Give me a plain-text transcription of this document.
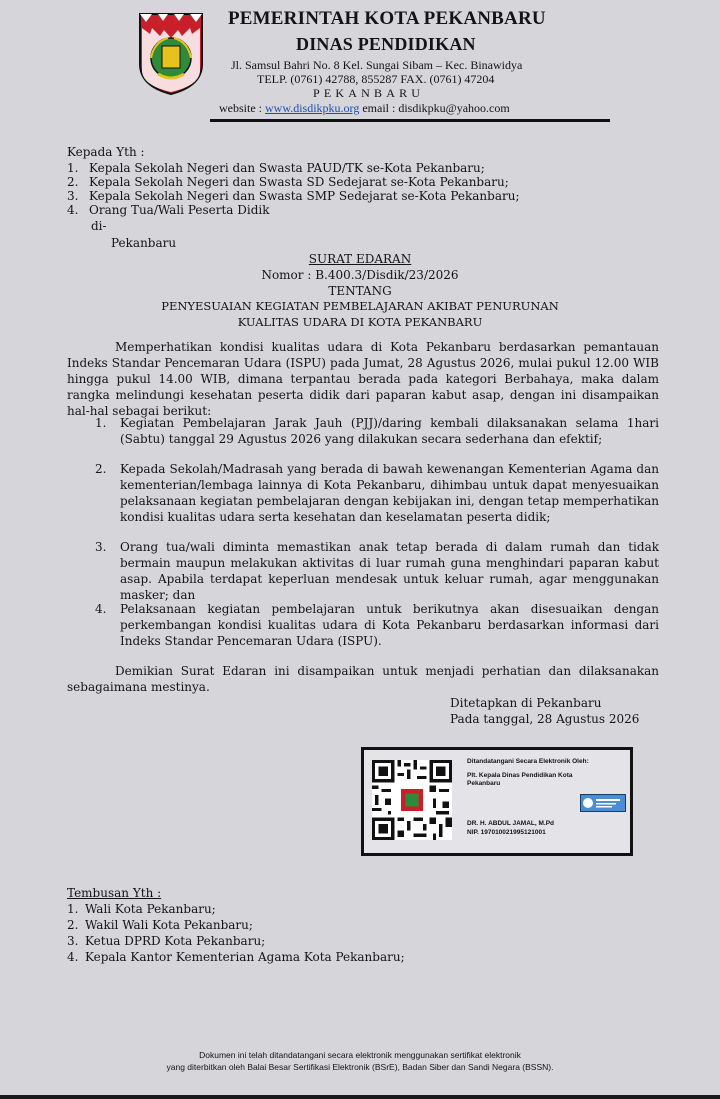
PEMERINTAH KOTA PEKANBARU
DINAS PENDIDIKAN
Jl. Samsul Bahri No. 8 Kel. Sungai Sibam – Kec. Binawidya
TELP. (0761) 42788, 855287 FAX. (0761) 47204
PEKANBARU
website : www.disdikpku.org email : disdikpku@yahoo.com
Kepada Yth :
1. Kepala Sekolah Negeri dan Swasta PAUD/TK se-Kota Pekanbaru;
2. Kepala Sekolah Negeri dan Swasta SD Sedejarat se-Kota Pekanbaru;
3. Kepala Sekolah Negeri dan Swasta SMP Sedejarat se-Kota Pekanbaru;
4. Orang Tua/Wali Peserta Didik
di-
Pekanbaru
SURAT EDARAN
Nomor : B.400.3/Disdik/23/2026
TENTANG
PENYESUAIAN KEGIATAN PEMBELAJARAN AKIBAT PENURUNAN
KUALITAS UDARA DI KOTA PEKANBARU
Memperhatikan kondisi kualitas udara di Kota Pekanbaru berdasarkan pemantauan Indeks Standar Pencemaran Udara (ISPU) pada Jumat, 28 Agustus 2026, mulai pukul 12.00 WIB hingga pukul 14.00 WIB, dimana terpantau berada pada kategori Berbahaya, maka dalam rangka melindungi kesehatan peserta didik dari paparan kabut asap, dengan ini disampaikan hal-hal sebagai berikut:
1. Kegiatan Pembelajaran Jarak Jauh (PJJ)/daring kembali dilaksanakan selama 1hari (Sabtu) tanggal 29 Agustus 2026 yang dilakukan secara sederhana dan efektif;
2. Kepada Sekolah/Madrasah yang berada di bawah kewenangan Kementerian Agama dan kementerian/lembaga lainnya di Kota Pekanbaru, dihimbau untuk dapat menyesuaikan pelaksanaan kegiatan pembelajaran dengan kebijakan ini, dengan tetap memperhatikan kondisi kualitas udara serta kesehatan dan keselamatan peserta didik;
3. Orang tua/wali diminta memastikan anak tetap berada di dalam rumah dan tidak bermain maupun melakukan aktivitas di luar rumah guna menghindari paparan kabut asap. Apabila terdapat keperluan mendesak untuk keluar rumah, agar menggunakan masker; dan
4. Pelaksanaan kegiatan pembelajaran untuk berikutnya akan disesuaikan dengan perkembangan kondisi kualitas udara di Kota Pekanbaru berdasarkan informasi dari Indeks Standar Pencemaran Udara (ISPU).
Demikian Surat Edaran ini disampaikan untuk menjadi perhatian dan dilaksanakan sebagaimana mestinya.
Ditetapkan di Pekanbaru
Pada tanggal, 28 Agustus 2026
Ditandatangani Secara Elektronik Oleh:
Plt. Kepala Dinas Pendidikan Kota Pekanbaru
DR. H. ABDUL JAMAL, M.Pd
NIP. 197010021995121001
Tembusan Yth :
1. Wali Kota Pekanbaru;
2. Wakil Wali Kota Pekanbaru;
3. Ketua DPRD Kota Pekanbaru;
4. Kepala Kantor Kementerian Agama Kota Pekanbaru;
Dokumen ini telah ditandatangani secara elektronik menggunakan sertifikat elektronik
yang diterbitkan oleh Balai Besar Sertifikasi Elektronik (BSrE), Badan Siber dan Sandi Negara (BSSN).
